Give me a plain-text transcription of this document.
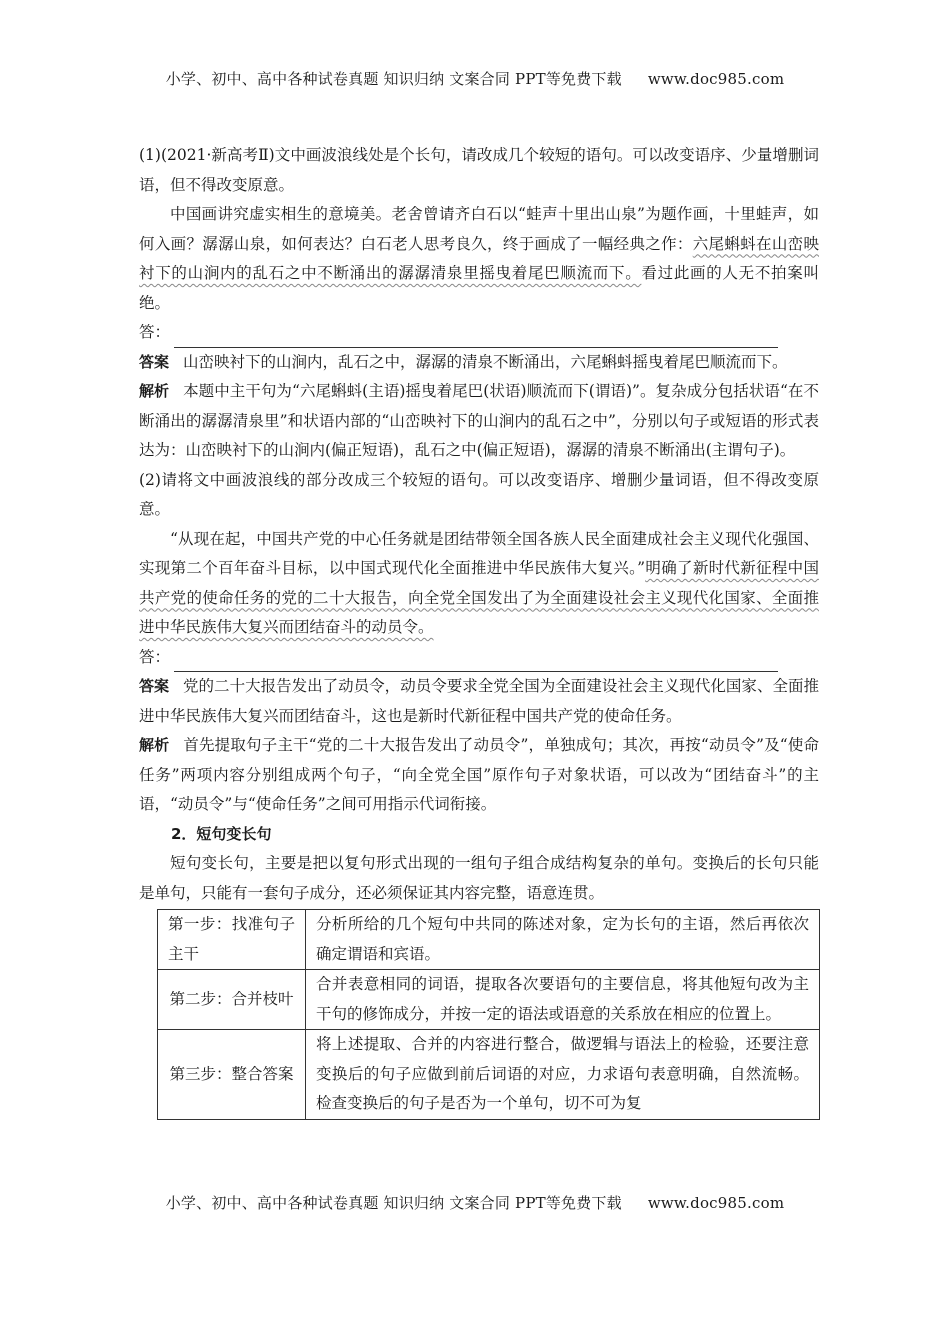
小学、初中、高中各种试卷真题 知识归纳 文案合同 PPT等免费下载 www.doc985.com

(1)(2021·新高考Ⅱ)文中画波浪线处是个长句，请改成几个较短的语句。可以改变语序、少量增删词语，但不得改变原意。

中国画讲究虚实相生的意境美。老舍曾请齐白石以“蛙声十里出山泉”为题作画，十里蛙声，如何入画？潺潺山泉，如何表达？白石老人思考良久，终于画成了一幅经典之作：六尾蝌蚪在山峦映衬下的山涧内的乱石之中不断涌出的潺潺清泉里摇曳着尾巴顺流而下。看过此画的人无不拍案叫绝。

答：

答案 山峦映衬下的山涧内，乱石之中，潺潺的清泉不断涌出，六尾蝌蚪摇曳着尾巴顺流而下。

解析 本题中主干句为“六尾蝌蚪(主语)摇曳着尾巴(状语)顺流而下(谓语)”。复杂成分包括状语“在不断涌出的潺潺清泉里”和状语内部的“山峦映衬下的山涧内的乱石之中”，分别以句子或短语的形式表达为：山峦映衬下的山涧内(偏正短语)，乱石之中(偏正短语)，潺潺的清泉不断涌出(主谓句子)。

(2)请将文中画波浪线的部分改成三个较短的语句。可以改变语序、增删少量词语，但不得改变原意。

“从现在起，中国共产党的中心任务就是团结带领全国各族人民全面建成社会主义现代化强国、实现第二个百年奋斗目标，以中国式现代化全面推进中华民族伟大复兴。”明确了新时代新征程中国共产党的使命任务的党的二十大报告，向全党全国发出了为全面建设社会主义现代化国家、全面推进中华民族伟大复兴而团结奋斗的动员令。

答：

答案 党的二十大报告发出了动员令，动员令要求全党全国为全面建设社会主义现代化国家、全面推进中华民族伟大复兴而团结奋斗，这也是新时代新征程中国共产党的使命任务。

解析 首先提取句子主干“党的二十大报告发出了动员令”，单独成句；其次，再按“动员令”及“使命任务”两项内容分别组成两个句子，“向全党全国”原作句子对象状语，可以改为“团结奋斗”的主语，“动员令”与“使命任务”之间可用指示代词衔接。

2．短句变长句

短句变长句，主要是把以复句形式出现的一组句子组合成结构复杂的单句。变换后的长句只能是单句，只能有一套句子成分，还必须保证其内容完整，语意连贯。

第一步：找准句子主干	分析所给的几个短句中共同的陈述对象，定为长句的主语，然后再依次确定谓语和宾语。
第二步：合并枝叶	合并表意相同的词语，提取各次要语句的主要信息，将其他短句改为主干句的修饰成分，并按一定的语法或语意的关系放在相应的位置上。
第三步：整合答案	将上述提取、合并的内容进行整合，做逻辑与语法上的检验，还要注意变换后的句子应做到前后词语的对应，力求语句表意明确，自然流畅。检查变换后的句子是否为一个单句，切不可为复
小学、初中、高中各种试卷真题 知识归纳 文案合同 PPT等免费下载 www.doc985.com
